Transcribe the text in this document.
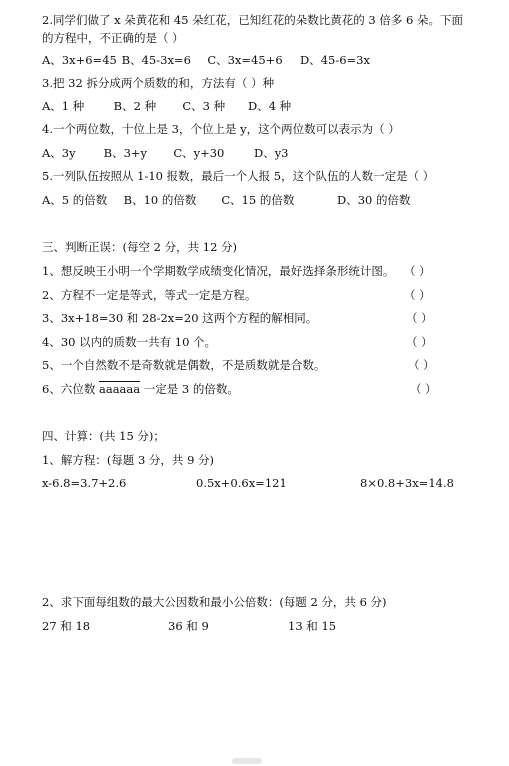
2.同学们做了 x 朵黄花和 45 朵红花，已知红花的朵数比黄花的 3 倍多 6 朵。下面
的方程中，不正确的是（ ）
A、3x+6=45 B、45-3x=6 C、3x=45+6 D、45-6=3x
3.把 32 拆分成两个质数的和，方法有（ ）种
A、1 种	B、2 种 C、3 种 D、4 种
4.一个两位数，十位上是 3，个位上是 y，这个两位数可以表示为（ ）
A、3y B、3+y C、y+30	D、y3
5.一列队伍按照从 1-10 报数，最后一个人报 5，这个队伍的人数一定是（ ）
A、5 的倍数 B、10 的倍数 C、15 的倍数	D、30 的倍数
三、判断正误：(每空 2 分，共 12 分)
1、想反映王小明一个学期数学成绩变化情况，最好选择条形统计图。 （ ）
2、方程不一定是等式，等式一定是方程。	（ ）
3、3x+18=30 和 28-2x=20 这两个方程的解相同。	（ ）
4、30 以内的质数一共有 10 个。	（ ）
5、一个自然数不是奇数就是偶数，不是质数就是合数。	（ ）
6、六位数 aaaaaa 一定是 3 的倍数。	（ ）
四、计算：(共 15 分)；
1、解方程：(每题 3 分，共 9 分)
x-6.8=3.7+2.6	0.5x+0.6x=121	8×0.8+3x=14.8
2、求下面每组数的最大公因数和最小公倍数：(每题 2 分，共 6 分)
27 和 18	36 和 9	13 和 15
